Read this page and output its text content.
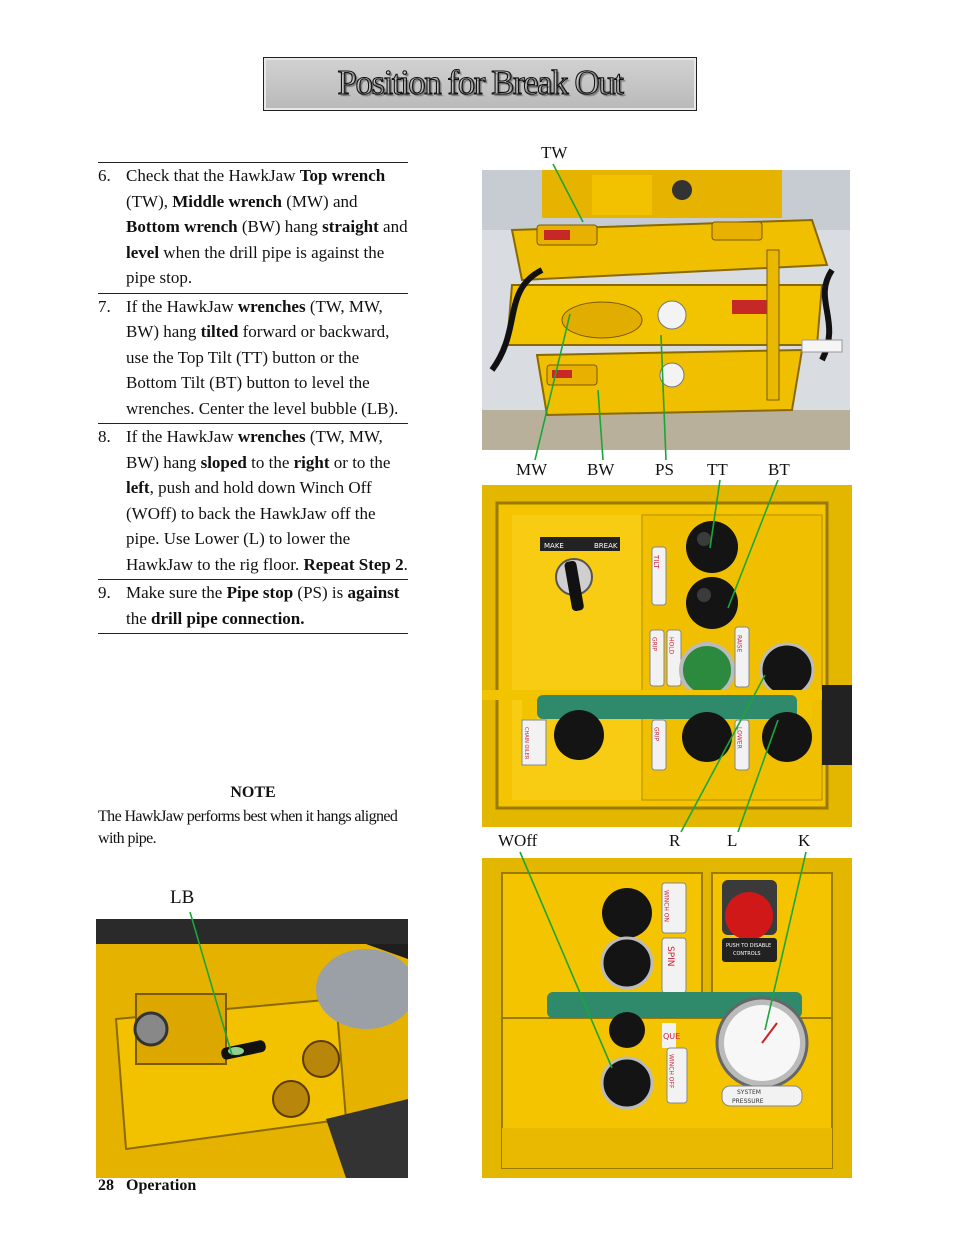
Position for Break Out
6. Check that the HawkJaw Top wrench (TW), Middle wrench (MW) and Bottom wrench (BW) hang straight and level when the drill pipe is against the pipe stop.

7. If the HawkJaw wrenches (TW, MW, BW) hang tilted forward or backward, use the Top Tilt (TT) button or the Bottom Tilt (BT) button to level the wrenches. Center the level bubble (LB).

8. If the HawkJaw wrenches (TW, MW, BW) hang sloped to the right or to the left, push and hold down Winch Off (WOff) to back the HawkJaw off the pipe. Use Lower (L) to lower the HawkJaw to the rig floor. Repeat Step 2.

9. Make sure the Pipe stop (PS) is against the drill pipe connection.

NOTE
The HawkJaw performs best when it hangs aligned with pipe.
TW
MW BW PS TT BT
WOff	R	L	K
LB
MAKE	BREAK
TILT
GRIP HOLD	RAISE
CHAIN OILER	GRIP	LOWER
WINCH ON
SPIN	PUSH TO DISABLE
CONTROLS
QUE
WINCH OFF
SYSTEM
PRESSURE
28 Operation
